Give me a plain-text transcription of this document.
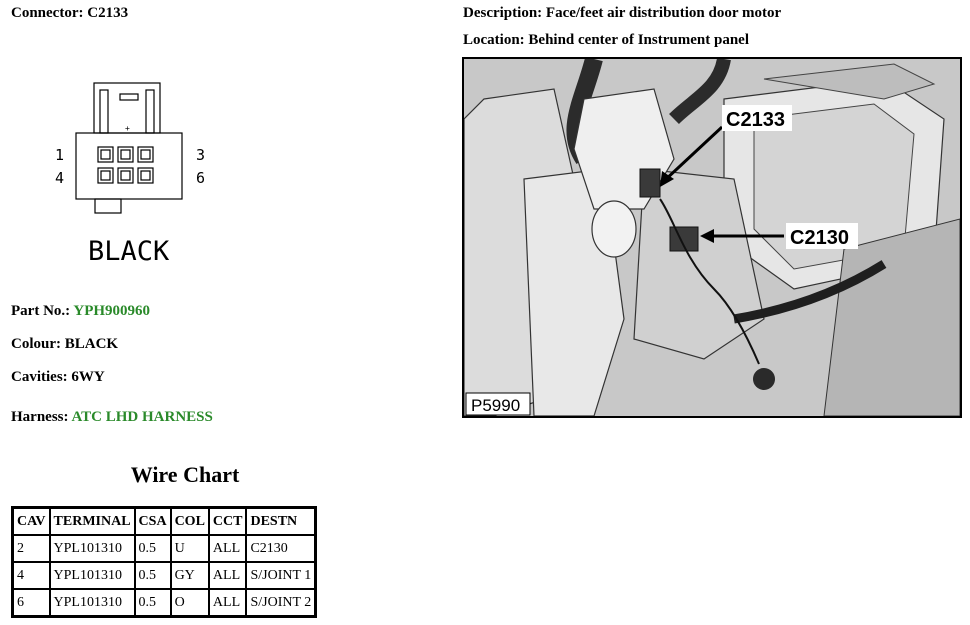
Connector: C2133	Description: Face/feet air distribution door motor
Location: Behind center of Instrument panel
+
1
4
3
6
BLACK
Part No.: YPH900960
Colour: BLACK
Cavities: 6WY
Harness: ATC LHD HARNESS
C2133
C2130
P5990
Wire Chart
CAV	TERMINAL	CSA	COL	CCT	DESTN
2	YPL101310	0.5	U	ALL	C2130
4	YPL101310	0.5	GY	ALL	S/JOINT 1
6	YPL101310	0.5	O	ALL	S/JOINT 2
